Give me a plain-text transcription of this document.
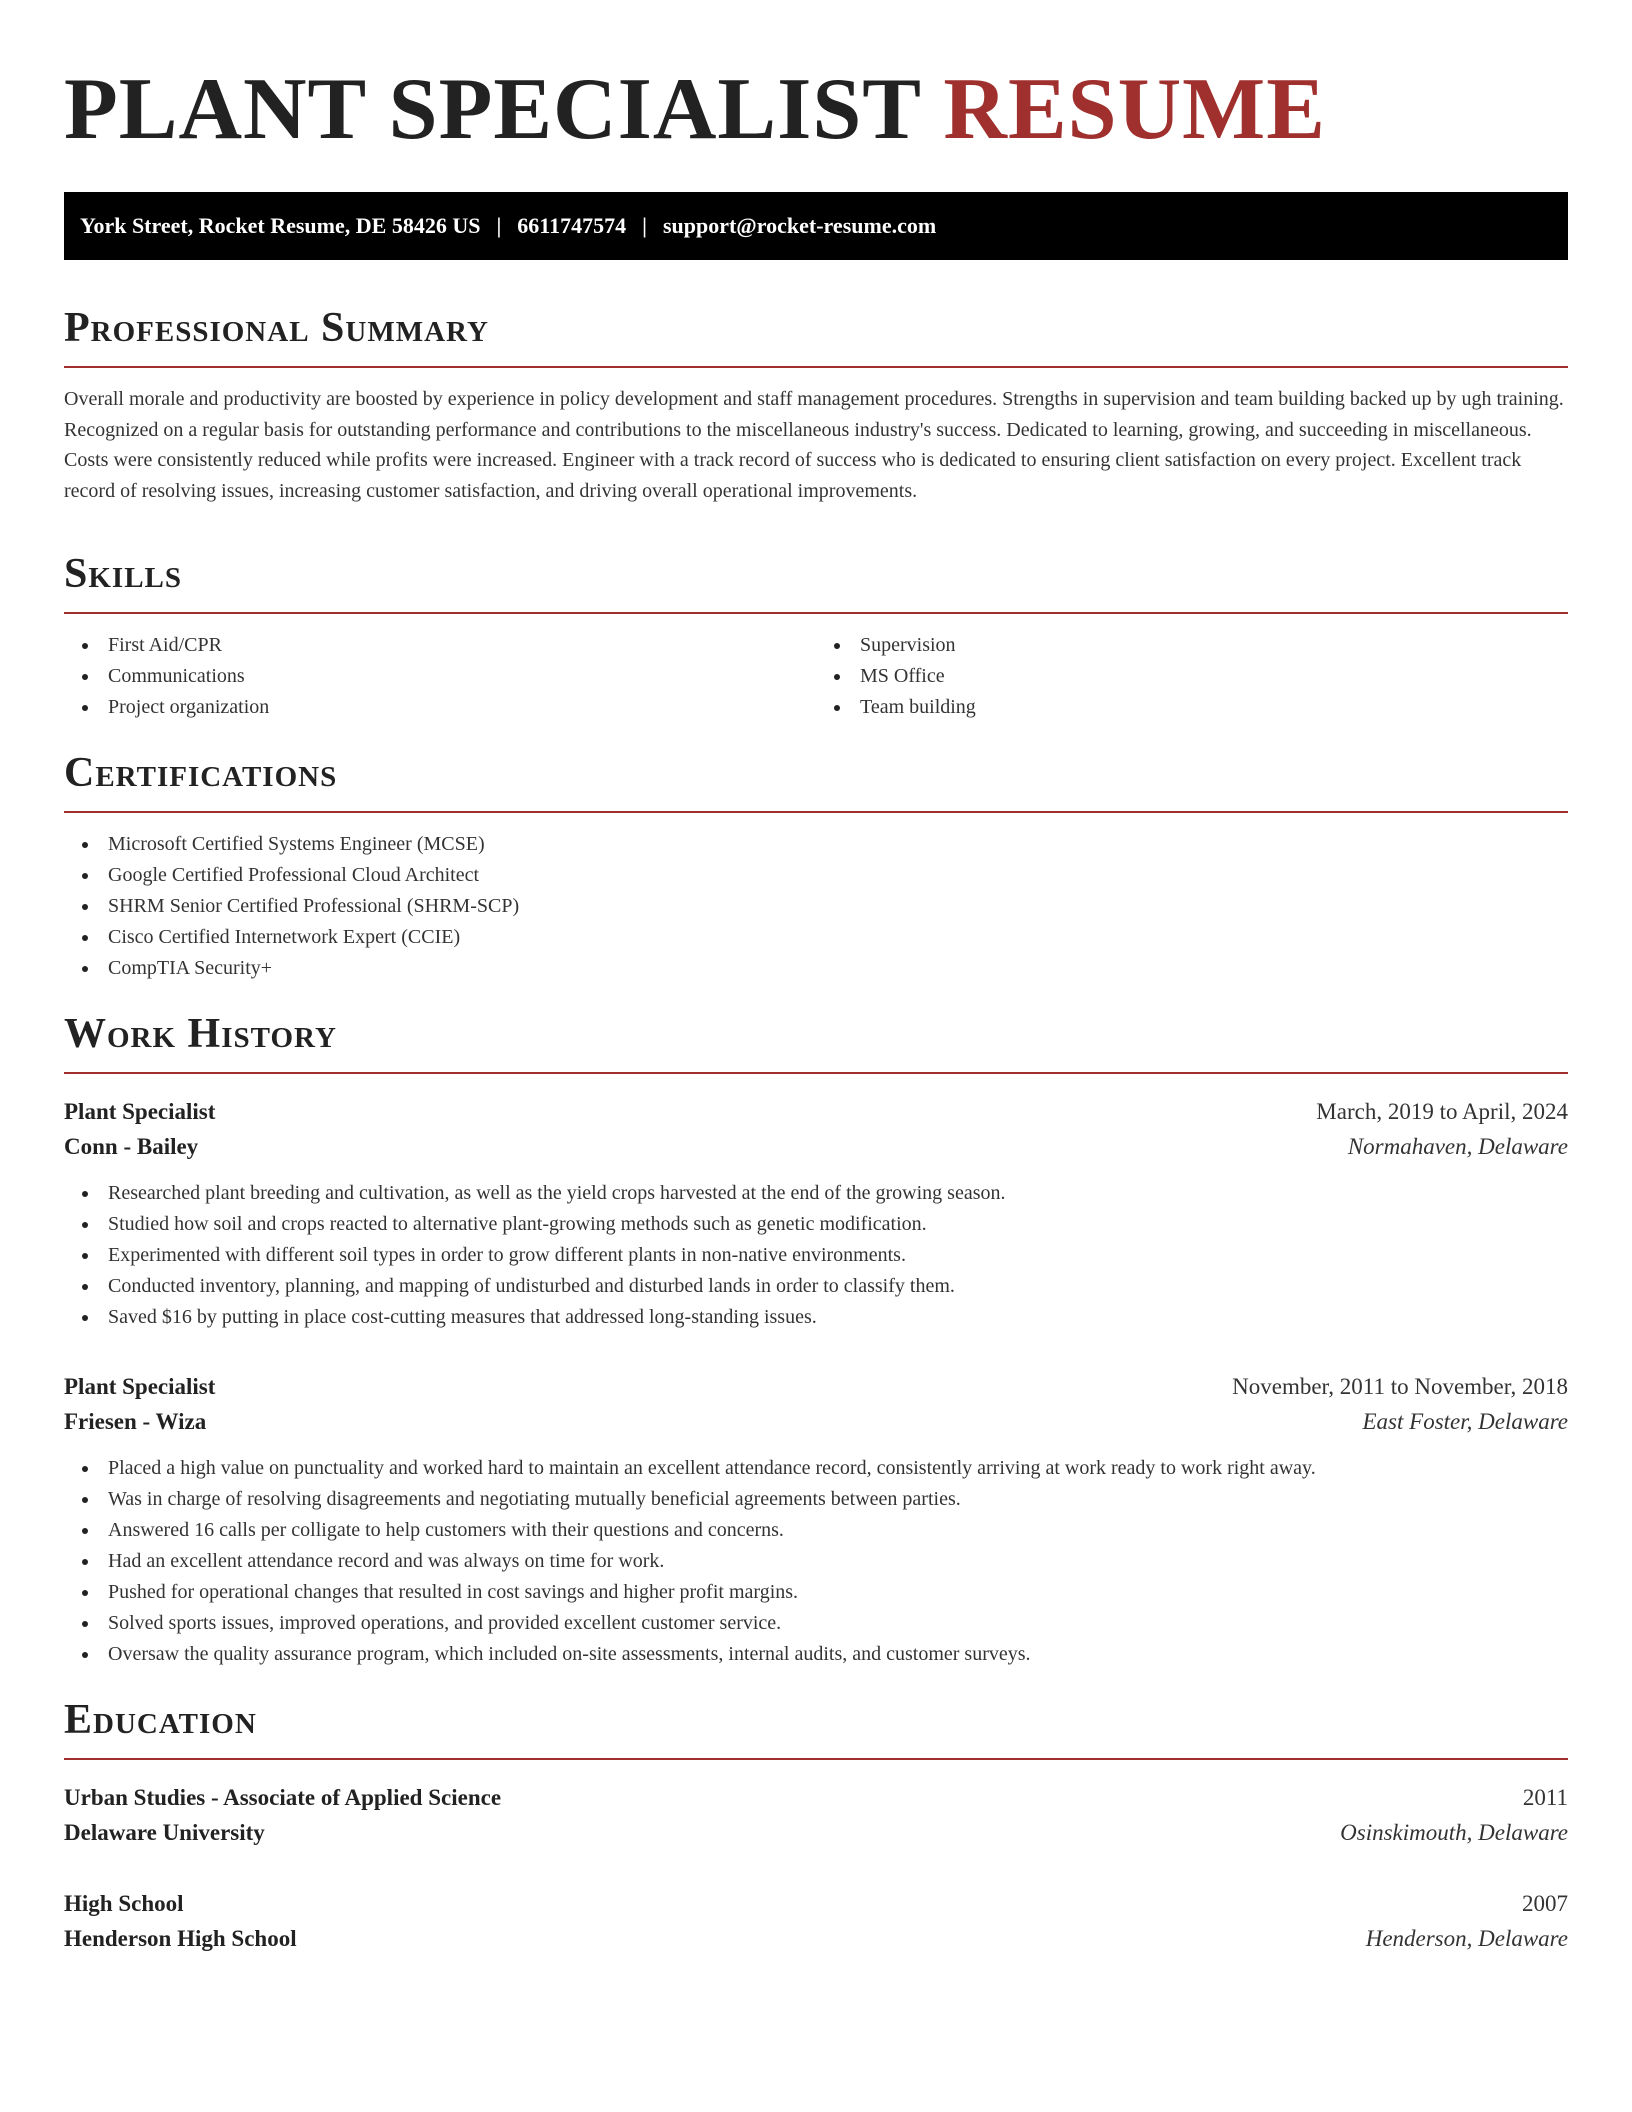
PLANT SPECIALIST RESUME
York Street, Rocket Resume, DE 58426 US | 6611747574 | support@rocket-resume.com
Professional Summary

Overall morale and productivity are boosted by experience in policy development and staff management procedures. Strengths in supervision and team building backed up by ugh training. Recognized on a regular basis for outstanding performance and contributions to the miscellaneous industry's success. Dedicated to learning, growing, and succeeding in miscellaneous. Costs were consistently reduced while profits were increased. Engineer with a track record of success who is dedicated to ensuring client satisfaction on every project. Excellent track record of resolving issues, increasing customer satisfaction, and driving overall operational improvements.

Skills
First Aid/CPR
Communications
Project organization
Supervision
MS Office
Team building
Certifications
Microsoft Certified Systems Engineer (MCSE)
Google Certified Professional Cloud Architect
SHRM Senior Certified Professional (SHRM-SCP)
Cisco Certified Internetwork Expert (CCIE)
CompTIA Security+
Work History
Plant Specialist	March, 2019 to April, 2024
Conn - Bailey	Normahaven, Delaware
Researched plant breeding and cultivation, as well as the yield crops harvested at the end of the growing season.
Studied how soil and crops reacted to alternative plant-growing methods such as genetic modification.
Experimented with different soil types in order to grow different plants in non-native environments.
Conducted inventory, planning, and mapping of undisturbed and disturbed lands in order to classify them.
Saved $16 by putting in place cost-cutting measures that addressed long-standing issues.
Plant Specialist	November, 2011 to November, 2018
Friesen - Wiza	East Foster, Delaware
Placed a high value on punctuality and worked hard to maintain an excellent attendance record, consistently arriving at work ready to work right away.
Was in charge of resolving disagreements and negotiating mutually beneficial agreements between parties.
Answered 16 calls per colligate to help customers with their questions and concerns.
Had an excellent attendance record and was always on time for work.
Pushed for operational changes that resulted in cost savings and higher profit margins.
Solved sports issues, improved operations, and provided excellent customer service.
Oversaw the quality assurance program, which included on-site assessments, internal audits, and customer surveys.
Education
Urban Studies - Associate of Applied Science	2011
Delaware University	Osinskimouth, Delaware
High School	2007
Henderson High School	Henderson, Delaware
